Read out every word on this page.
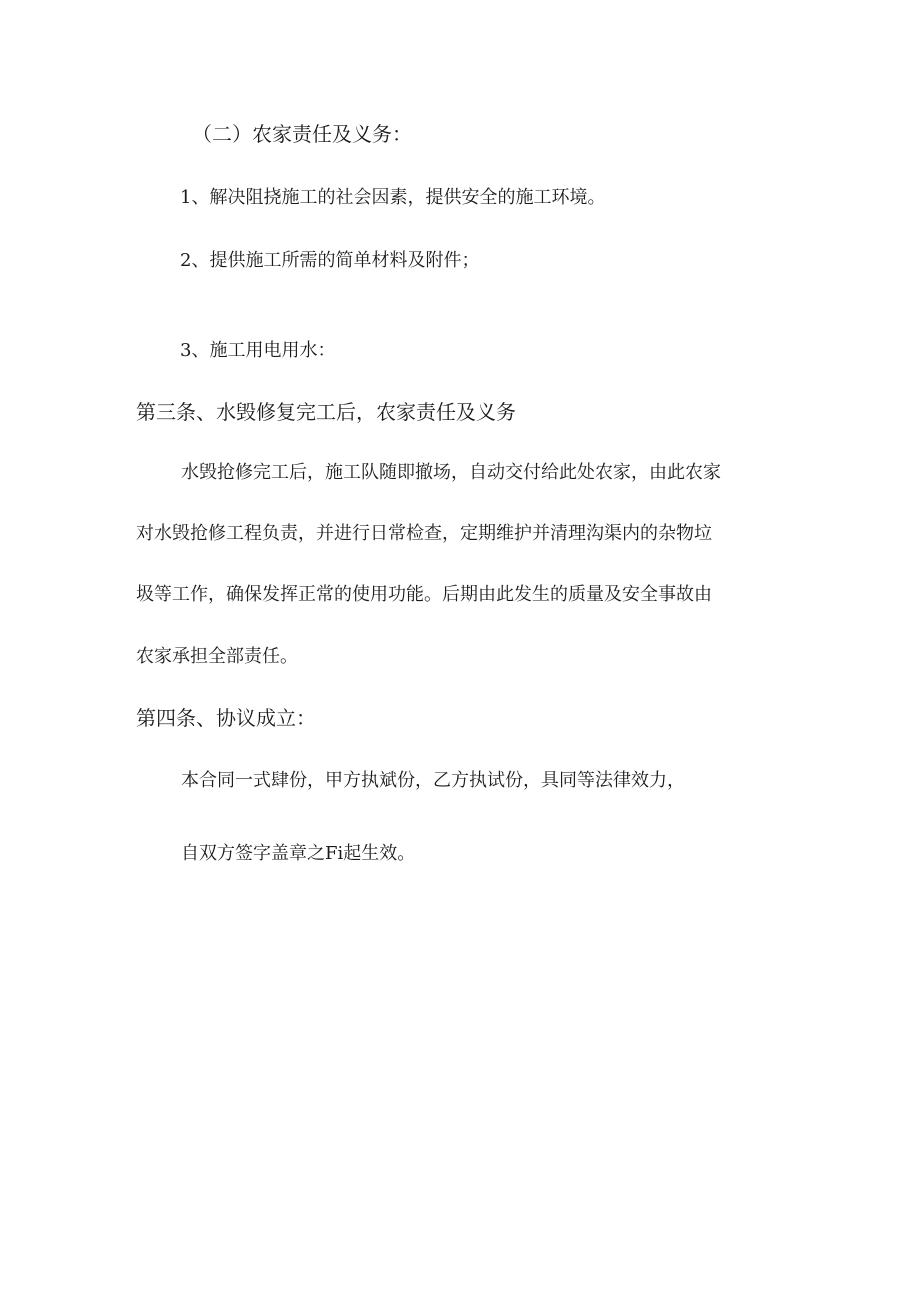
（二）农家责任及义务：
1、解决阻挠施工的社会因素，提供安全的施工环境。
2、提供施工所需的简单材料及附件；
3、施工用电用水：
第三条、水毁修复完工后，农家责任及义务
水毁抢修完工后，施工队随即撤场，自动交付给此处农家，由此农家
对水毁抢修工程负责，并进行日常检查，定期维护并清理沟渠内的杂物垃
圾等工作，确保发挥正常的使用功能。后期由此发生的质量及安全事故由
农家承担全部责任。
第四条、协议成立：
本合同一式肆份，甲方执斌份，乙方执试份，具同等法律效力，
自双方签字盖章之Fi起生效。
